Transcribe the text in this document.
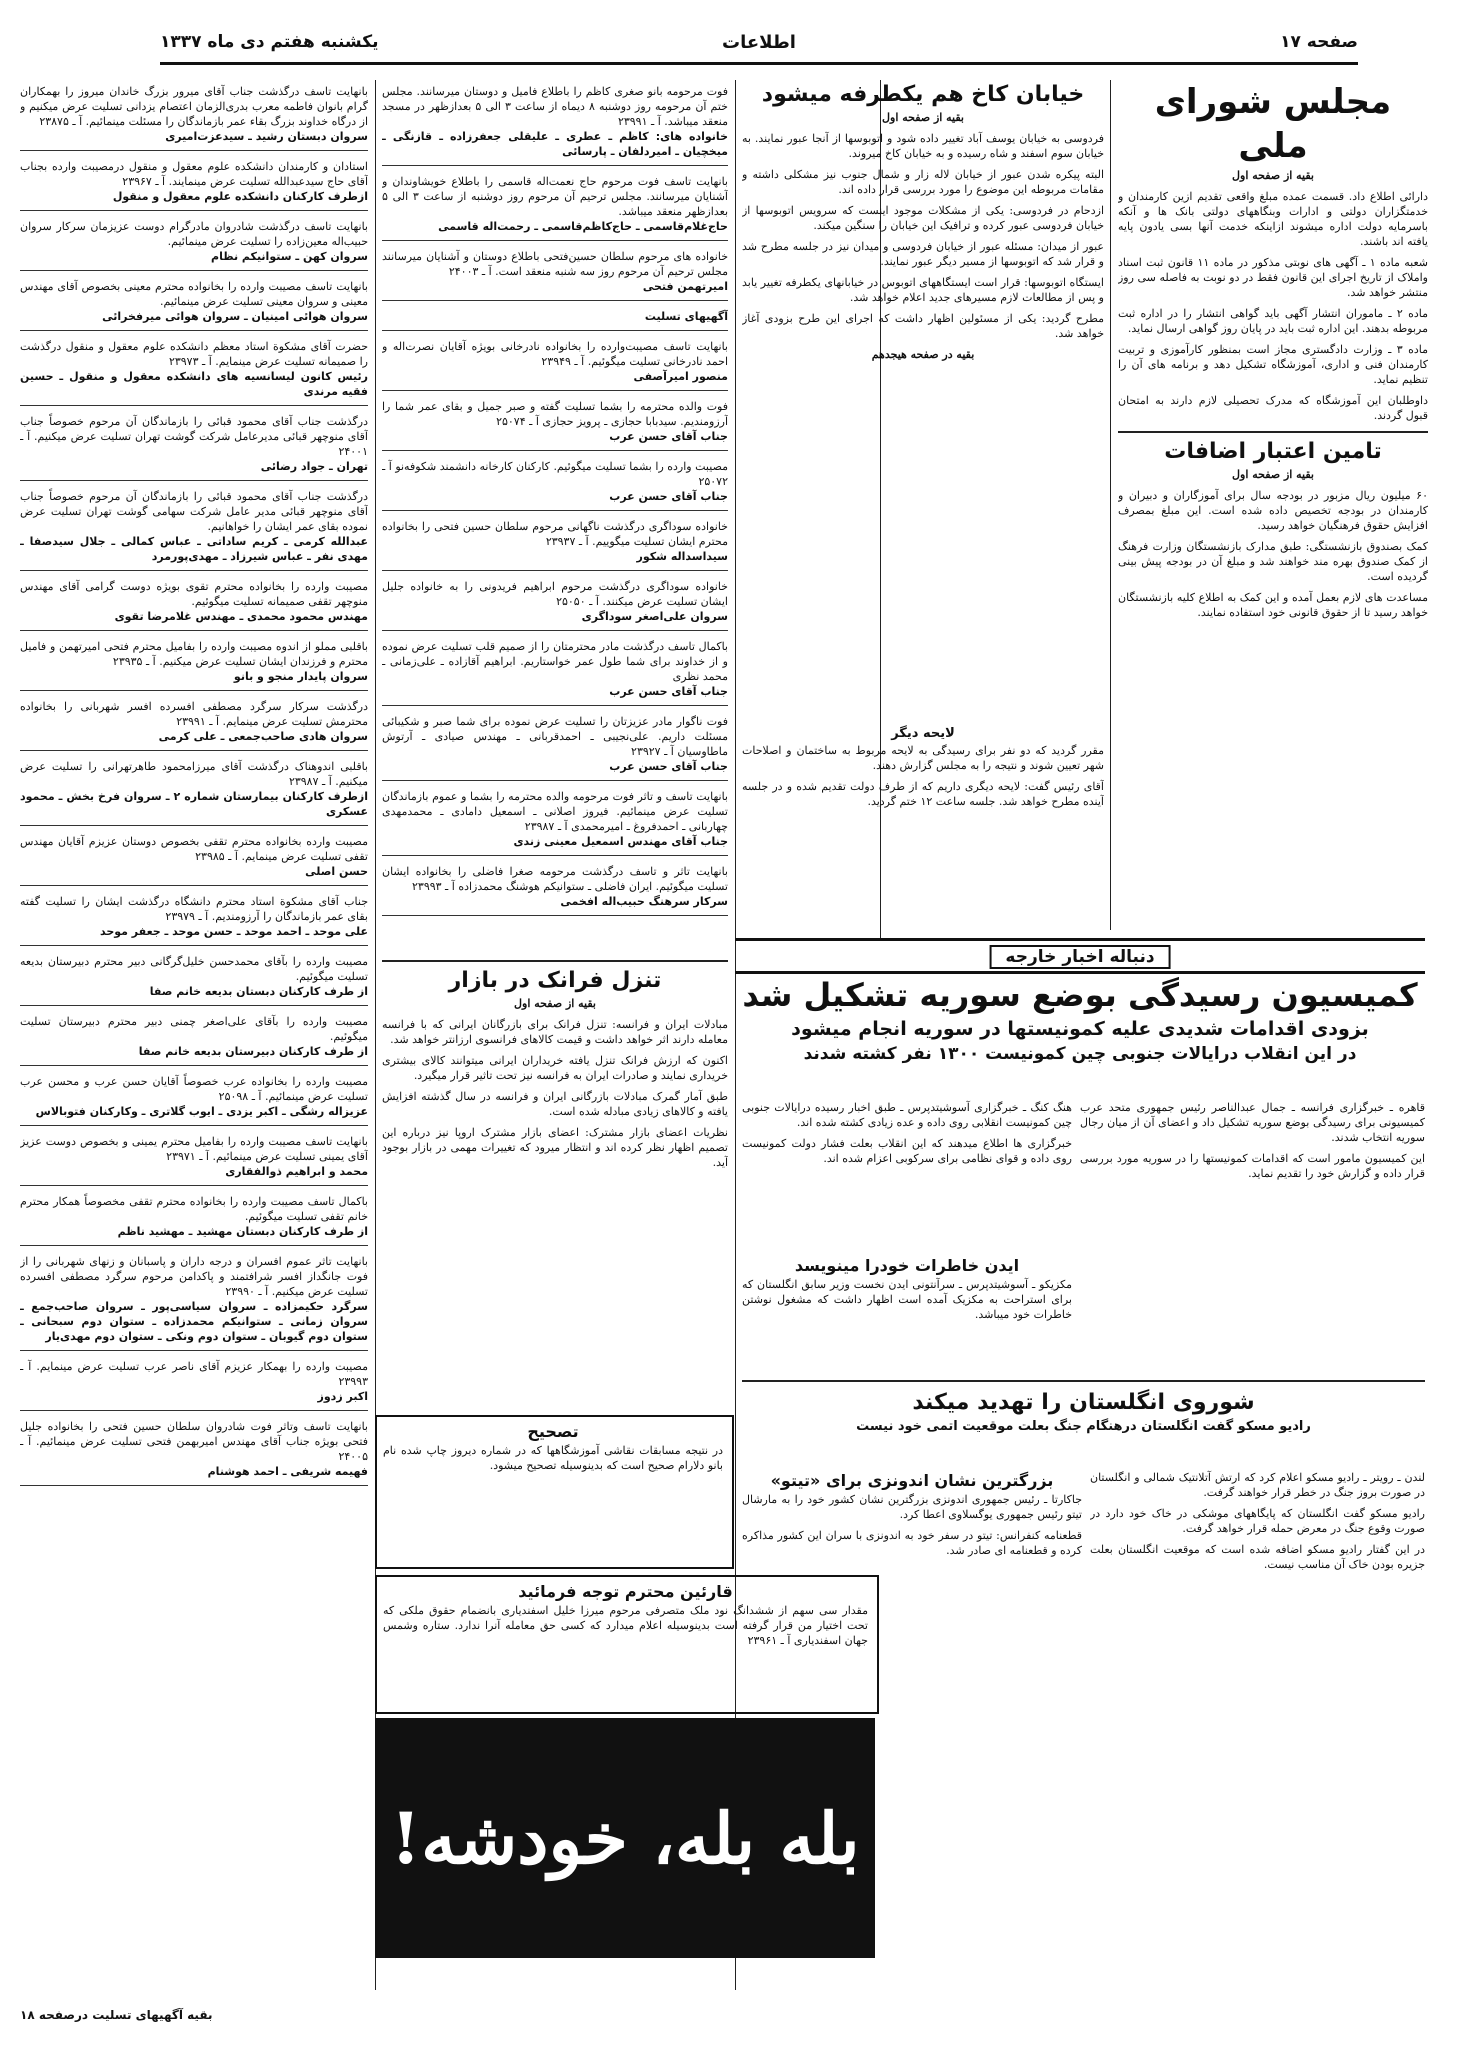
صفحه ۱۷
اطلاعات
یکشنبه هفتم دی ماه ۱۳۳۷
مجلس شورای ملی
بقیه از صفحه اول

دارائی اطلاع داد. قسمت عمده مبلغ واقعی تقدیم ازین کارمندان و خدمتگزاران دولتی و ادارات وبنگاههای دولتی بانک ها و آنکه باسرمایه دولت اداره میشوند ازاینکه خدمت آنها بسی یادون پایه یافته اند باشند.

شعبه ماده ۱ ـ آگهی های نوبتی مذکور در ماده ۱۱ قانون ثبت اسناد واملاک از تاریخ اجرای این قانون فقط در دو نوبت به فاصله سی روز منتشر خواهد شد.

ماده ۲ ـ ماموران انتشار آگهی باید گواهی انتشار را در اداره ثبت مربوطه بدهند. این اداره ثبت باید در پایان روز گواهی ارسال نماید.

ماده ۳ ـ وزارت دادگستری مجاز است بمنظور کارآموزی و تربیت کارمندان فنی و اداری، آموزشگاه تشکیل دهد و برنامه های آن را تنظیم نماید.

داوطلبان این آموزشگاه که مدرک تحصیلی لازم دارند به امتحان قبول گردند.

تامین اعتبار اضافات
بقیه از صفحه اول

۶۰ میلیون ریال مزبور در بودجه سال برای آموزگاران و دبیران و کارمندان در بودجه تخصیص داده شده است. این مبلغ بمصرف افزایش حقوق فرهنگیان خواهد رسید.

کمک بصندوق بازنشستگی: طبق مدارک بازنشستگان وزارت فرهنگ از کمک صندوق بهره مند خواهند شد و مبلغ آن در بودجه پیش بینی گردیده است.

مساعدت های لازم بعمل آمده و این کمک به اطلاع کلیه بازنشستگان خواهد رسید تا از حقوق قانونی خود استفاده نمایند.

خیابان کاخ هم یکطرفه میشود
بقیه از صفحه اول

فردوسی به خیابان یوسف آباد تغییر داده شود و اتوبوسها از آنجا عبور نمایند. به خیابان سوم اسفند و شاه رسیده و به خیابان کاخ میروند.

البته پیکره شدن عبور از خیابان لاله زار و شمال جنوب نیز مشکلی داشته و مقامات مربوطه این موضوع را مورد بررسی قرار داده اند.

ازدحام در فردوسی: یکی از مشکلات موجود اینست که سرویس اتوبوسها از خیابان فردوسی عبور کرده و ترافیک این خیابان را سنگین میکند.

عبور از میدان: مسئله عبور از خیابان فردوسی و میدان نیز در جلسه مطرح شد و قرار شد که اتوبوسها از مسیر دیگر عبور نمایند.

ایستگاه اتوبوسها: قرار است ایستگاههای اتوبوس در خیابانهای یکطرفه تغییر یابد و پس از مطالعات لازم مسیرهای جدید اعلام خواهد شد.

مطرح گردید: یکی از مسئولین اظهار داشت که اجرای این طرح بزودی آغاز خواهد شد.

بقیه در صفحه هیجدهم
لایحه دیگر

مقرر گردید که دو نفر برای رسیدگی به لایحه مربوط به ساختمان و اصلاحات شهر تعیین شوند و نتیجه را به مجلس گزارش دهند.

آقای رئیس گفت: لایحه دیگری داریم که از طرف دولت تقدیم شده و در جلسه آینده مطرح خواهد شد. جلسه ساعت ۱۲ ختم گردید.

فوت مرحومه بانو صغری کاظم را باطلاع فامیل و دوستان میرسانند. مجلس ختم آن مرحومه روز دوشنبه ۸ دیماه از ساعت ۳ الی ۵ بعدازظهر در مسجد منعقد میباشد. آ ـ ۲۳۹۹۱
خانواده های: کاظم ـ عطری ـ علیقلی جعفرزاده ـ قازنگی ـ میخچیان ـ امیردلفان ـ پارسائی
بانهایت تاسف فوت مرحوم حاج نعمت‌اله قاسمی را باطلاع خویشاوندان و آشنایان میرسانند. مجلس ترحیم آن مرحوم روز دوشنبه از ساعت ۳ الی ۵ بعدازظهر منعقد میباشد.
حاج‌غلام‌قاسمی ـ حاج‌کاظم‌قاسمی ـ رحمت‌اله قاسمی
خانواده های مرحوم سلطان حسین‌فتحی باطلاع دوستان و آشنایان میرسانند مجلس ترحیم آن مرحوم روز سه شنبه منعقد است. آ ـ ۲۴۰۰۳
امیرتهمن فتحی
آگهیهای تسلیت
بانهایت تاسف مصیبت‌وارده را بخانواده نادرخانی بویژه آقایان نصرت‌اله و احمد نادرخانی تسلیت میگوئیم. آ ـ ۲۳۹۴۹
منصور امیرآصفی
فوت والده محترمه را بشما تسلیت گفته و صبر جمیل و بقای عمر شما را آرزومندیم. سیدبابا حجازی ـ پرویز حجازی آ ـ ۲۵۰۷۴
جناب آقای حسن عرب
مصیبت وارده را بشما تسلیت میگوئیم. کارکنان کارخانه دانشمند شکوفه‌نو آ ـ ۲۵۰۷۲
جناب آقای حسن عرب
خانواده سوداگری درگذشت ناگهانی مرحوم سلطان حسین فتحی را بخانواده محترم ایشان تسلیت میگوییم. آ ـ ۲۳۹۳۷
سیداسداله شکور
خانواده سوداگری درگذشت مرحوم ابراهیم فریدونی را به خانواده جلیل ایشان تسلیت عرض میکنند. آ ـ ۲۵۰۵۰
سروان علی‌اصغر سوداگری
باکمال تاسف درگذشت مادر محترمتان را از صمیم قلب تسلیت عرض نموده و از خداوند برای شما طول عمر خواستاریم. ابراهیم آقازاده ـ علی‌زمانی ـ محمد نظری
جناب آقای حسن عرب
فوت ناگوار مادر عزیزتان را تسلیت عرض نموده برای شما صبر و شکیبائی مسئلت داریم. علی‌نجیبی ـ احمدقربانی ـ مهندس صیادی ـ آرتوش ماطاوسیان آ ـ ۲۳۹۲۷
جناب آقای حسن عرب
بانهایت تاسف و تاثر فوت مرحومه والده محترمه را بشما و عموم بازماندگان تسلیت عرض مینمائیم. فیروز اصلانی ـ اسمعیل دامادی ـ محمدمهدی چهاربانی ـ احمدفروغ ـ امیرمحمدی آ ـ ۲۳۹۸۷
جناب آقای مهندس اسمعیل معینی زندی
بانهایت تاثر و تاسف درگذشت مرحومه صغرا فاضلی را بخانواده ایشان تسلیت میگوئیم. ایران فاضلی ـ ستوانیکم هوشنگ محمدزاده آ ـ ۲۳۹۹۳
سرکار سرهنگ حبیب‌اله افخمی
تنزل فرانک در بازار
بقیه از صفحه اول

مبادلات ایران و فرانسه: تنزل فرانک برای بازرگانان ایرانی که با فرانسه معامله دارند اثر خواهد داشت و قیمت کالاهای فرانسوی ارزانتر خواهد شد.

اکنون که ارزش فرانک تنزل یافته خریداران ایرانی میتوانند کالای بیشتری خریداری نمایند و صادرات ایران به فرانسه نیز تحت تاثیر قرار میگیرد.

طبق آمار گمرک مبادلات بازرگانی ایران و فرانسه در سال گذشته افزایش یافته و کالاهای زیادی مبادله شده است.

نظریات اعضای بازار مشترک: اعضای بازار مشترک اروپا نیز درباره این تصمیم اظهار نظر کرده اند و انتظار میرود که تغییرات مهمی در بازار بوجود آید.

دنباله اخبار خارجه
کمیسیون رسیدگی بوضع سوریه تشکیل شد
بزودی اقدامات شدیدی علیه کمونیستها در سوریه انجام میشود
در این انقلاب درایالات جنوبی چین کمونیست ۱۳۰۰ نفر کشته شدند

قاهره ـ خبرگزاری فرانسه ـ جمال عبدالناصر رئیس جمهوری متحد عرب کمیسیونی برای رسیدگی بوضع سوریه تشکیل داد و اعضای آن از میان رجال سوریه انتخاب شدند.

این کمیسیون مامور است که اقدامات کمونیستها را در سوریه مورد بررسی قرار داده و گزارش خود را تقدیم نماید.

هنگ کنگ ـ خبرگزاری آسوشیتدپرس ـ طبق اخبار رسیده درایالات جنوبی چین کمونیست انقلابی روی داده و عده زیادی کشته شده اند.

خبرگزاری ها اطلاع میدهند که این انقلاب بعلت فشار دولت کمونیست روی داده و قوای نظامی برای سرکوبی اعزام شده اند.

ایدن خاطرات خودرا مینویسد

مکزیکو ـ آسوشیتدپرس ـ سرآنتونی ایدن نخست وزیر سابق انگلستان که برای استراحت به مکزیک آمده است اظهار داشت که مشغول نوشتن خاطرات خود میباشد.

شوروی انگلستان را تهدید میکند
رادیو مسکو گفت انگلستان درهنگام جنگ بعلت موقعیت اتمی خود نیست

لندن ـ رویتر ـ رادیو مسکو اعلام کرد که ارتش آتلانتیک شمالی و انگلستان در صورت بروز جنگ در خطر قرار خواهند گرفت.

رادیو مسکو گفت انگلستان که پایگاههای موشکی در خاک خود دارد در صورت وقوع جنگ در معرض حمله قرار خواهد گرفت.

در این گفتار رادیو مسکو اضافه شده است که موقعیت انگلستان بعلت جزیره بودن خاک آن مناسب نیست.

بزرگترین نشان اندونزی برای «تیتو»

جاکارتا ـ رئیس جمهوری اندونزی بزرگترین نشان کشور خود را به مارشال تیتو رئیس جمهوری یوگسلاوی اعطا کرد.

قطعنامه کنفرانس: تیتو در سفر خود به اندونزی با سران این کشور مذاکره کرده و قطعنامه ای صادر شد.

تصحیح

در نتیجه مسابقات نقاشی آموزشگاهها که در شماره دیروز چاپ شده نام بانو دلارام صحیح است که بدینوسیله تصحیح میشود.

قارئین محترم توجه فرمائید

مقدار سی سهم از ششدانگ نود ملک متصرفی مرحوم میرزا خلیل اسفندیاری بانضمام حقوق ملکی که تحت اختیار من قرار گرفته است بدینوسیله اعلام میدارد که کسی حق معامله آنرا ندارد. ستاره وشمس جهان اسفندیاری آ ـ ۲۳۹۶۱

بله بله، خودشه!
بانهایت تاسف درگذشت جناب آقای میرور بزرگ خاندان میروز را بهمکاران گرام بانوان فاطمه معرب بدری‌الزمان اعتصام یزدانی تسلیت عرض میکنیم و از درگاه خداوند بزرگ بقاء عمر بازماندگان را مسئلت مینمائیم. آ ـ ۲۳۸۷۵
سروان دبستان رشید ـ سیدعزت‌امیری
استادان و کارمندان دانشکده علوم معقول و منقول درمصیبت وارده بجناب آقای حاج سیدعبدالله تسلیت عرض مینمایند. آ ـ ۲۳۹۶۷
ازطرف کارکنان دانشکده علوم معقول و منقول
بانهایت تاسف درگذشت شادروان مادرگرام دوست عزیزمان سرکار سروان حبیب‌اله معین‌زاده را تسلیت عرض مینمائیم.
سروان کهن ـ ستوانیکم نظام
بانهایت تاسف مصیبت وارده را بخانواده محترم معینی بخصوص آقای مهندس معینی و سروان معینی تسلیت عرض مینمائیم.
سروان هوائی امینیان ـ سروان هوائی میرفخرائی
حضرت آقای مشکوة استاد معظم دانشکده علوم معقول و منقول درگذشت را صمیمانه تسلیت عرض مینمایم. آ ـ ۲۳۹۷۳
رئیس کانون لیسانسیه های دانشکده معقول و منقول ـ حسین فقیه مرندی
درگذشت جناب آقای محمود قبائی را بازماندگان آن مرحوم خصوصاً جناب آقای منوچهر قبائی مدیرعامل شرکت گوشت تهران تسلیت عرض میکنیم. آ ـ ۲۴۰۰۱
تهران ـ جواد رضائی
درگذشت جناب آقای محمود قبائی را بازماندگان آن مرحوم خصوصاً جناب آقای منوچهر قبائی مدیر عامل شرکت سهامی گوشت تهران تسلیت عرض نموده بقای عمر ایشان را خواهانیم.
عبدالله کرمی ـ کریم ساداتی ـ عباس کمالی ـ جلال سیدصفا ـ مهدی نفر ـ عباس شیرزاد ـ مهدی‌پورمرد
مصیبت وارده را بخانواده محترم تقوی بویژه دوست گرامی آقای مهندس منوچهر تقفی صمیمانه تسلیت میگوئیم.
مهندس محمود محمدی ـ مهندس غلامرضا تقوی
باقلبی مملو از اندوه مصیبت وارده را بفامیل محترم فتحی امیرتهمن و فامیل محترم و فرزندان ایشان تسلیت عرض میکنیم. آ ـ ۲۳۹۳۵
سروان پایدار منجو و بانو
درگذشت سرکار سرگرد مصطفی افسرده افسر شهربانی را بخانواده محترمش تسلیت عرض مینمایم. آ ـ ۲۳۹۹۱
سروان هادی صاحب‌جمعی ـ علی کرمی
باقلبی اندوهناک درگذشت آقای میرزامحمود طاهرتهرانی را تسلیت عرض میکنیم. آ ـ ۲۳۹۸۷
ازطرف کارکنان بیمارستان شماره ۲ ـ سروان فرخ بخش ـ محمود عسکری
مصیبت وارده بخانواده محترم تقفی بخصوص دوستان عزیزم آقایان مهندس تقفی تسلیت عرض مینمایم. آ ـ ۲۳۹۸۵
حسن اصلی
جناب آقای مشکوة استاد محترم دانشگاه درگذشت ایشان را تسلیت گفته بقای عمر بازماندگان را آرزومندیم. آ ـ ۲۳۹۷۹
علی موحد ـ احمد موحد ـ حسن موحد ـ جعفر موحد
مصیبت وارده را بآقای محمدحسن خلیل‌گرگانی دبیر محترم دبیرستان بدیعه تسلیت میگوئیم.
از طرف کارکنان دبستان بدیعه خانم صفا
مصیبت وارده را بآقای علی‌اصغر چمنی دبیر محترم دبیرستان تسلیت میگوئیم.
از طرف کارکنان دبیرستان بدیعه خانم صفا
مصیبت وارده را بخانواده عرب خصوصاً آقایان حسن عرب و محسن عرب تسلیت عرض مینمائیم. آ ـ ۲۵۰۹۸
عزیزاله رشگی ـ اکبر یزدی ـ ایوب گلاتری ـ وکارکنان فتوبالاس
بانهایت تاسف مصیبت وارده را بفامیل محترم یمینی و بخصوص دوست عزیز آقای یمینی تسلیت عرض مینمائیم. آ ـ ۲۳۹۷۱
محمد و ابراهیم ذوالفقاری
باکمال تاسف مصیبت وارده را بخانواده محترم تقفی مخصوصاً همکار محترم خانم تقفی تسلیت میگوئیم.
از طرف کارکنان دبستان مهشید ـ مهشید ناظم
بانهایت تاثر عموم افسران و درجه داران و پاسبانان و زنهای شهربانی را از فوت جانگداز افسر شرافتمند و پاکدامن مرحوم سرگرد مصطفی افسرده تسلیت عرض میکنیم. آ ـ ۲۳۹۹۰
سرگرد حکیمزاده ـ سروان سیاسی‌پور ـ سروان صاحب‌جمع ـ سروان زمانی ـ ستوانیکم محمدزاده ـ ستوان دوم سبحانی ـ ستوان دوم گیوبان ـ ستوان دوم ونکی ـ ستوان دوم مهدی‌یار
مصیبت وارده را بهمکار عزیزم آقای ناصر عرب تسلیت عرض مینمایم. آ ـ ۲۳۹۹۳
اکبر زدوز
بانهایت تاسف وتاثر فوت شادروان سلطان حسین فتحی را بخانواده جلیل فتحی بویژه جناب آقای مهندس امیربهمن فتحی تسلیت عرض مینمائیم. آ ـ ۲۴۰۰۵
فهیمه شریفی ـ احمد هوشنام
بقیه آگهیهای تسلیت درصفحه ۱۸
